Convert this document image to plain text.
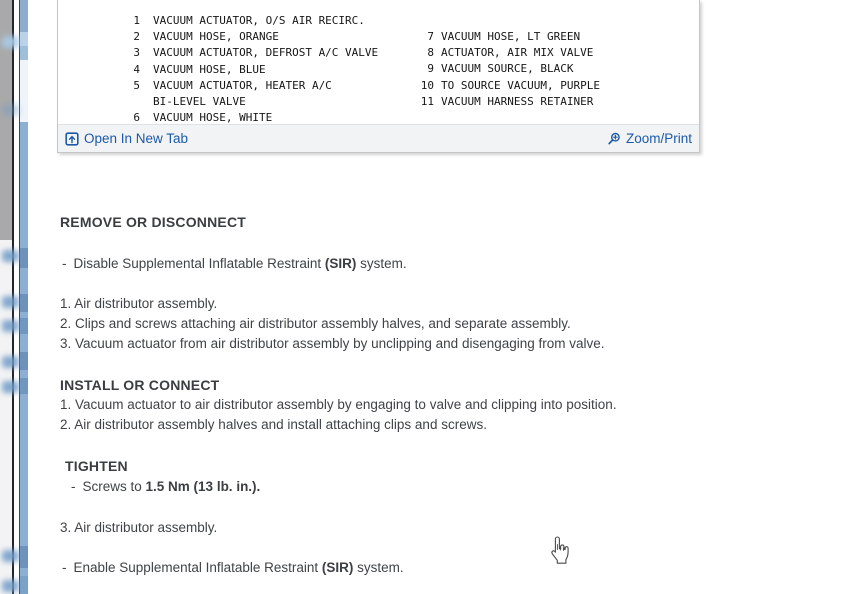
1 VACUUM ACTUATOR, O/S AIR RECIRC.
2 VACUUM HOSE, ORANGE
3 VACUUM ACTUATOR, DEFROST A/C VALVE
4 VACUUM HOSE, BLUE
5 VACUUM ACTUATOR, HEATER A/C
BI-LEVEL VALVE
6 VACUUM HOSE, WHITE
7 VACUUM HOSE, LT GREEN
8 ACTUATOR, AIR MIX VALVE
9 VACUUM SOURCE, BLACK
10 TO SOURCE VACUUM, PURPLE
11 VACUUM HARNESS RETAINER
Open In New Tab	Zoom/Print
REMOVE OR DISCONNECT
- Disable Supplemental Inflatable Restraint (SIR) system.
1. Air distributor assembly.
2. Clips and screws attaching air distributor assembly halves, and separate assembly.
3. Vacuum actuator from air distributor assembly by unclipping and disengaging from valve.
INSTALL OR CONNECT
1. Vacuum actuator to air distributor assembly by engaging to valve and clipping into position.
2. Air distributor assembly halves and install attaching clips and screws.
TIGHTEN
- Screws to 1.5 Nm (13 lb. in.).
3. Air distributor assembly.
- Enable Supplemental Inflatable Restraint (SIR) system.
